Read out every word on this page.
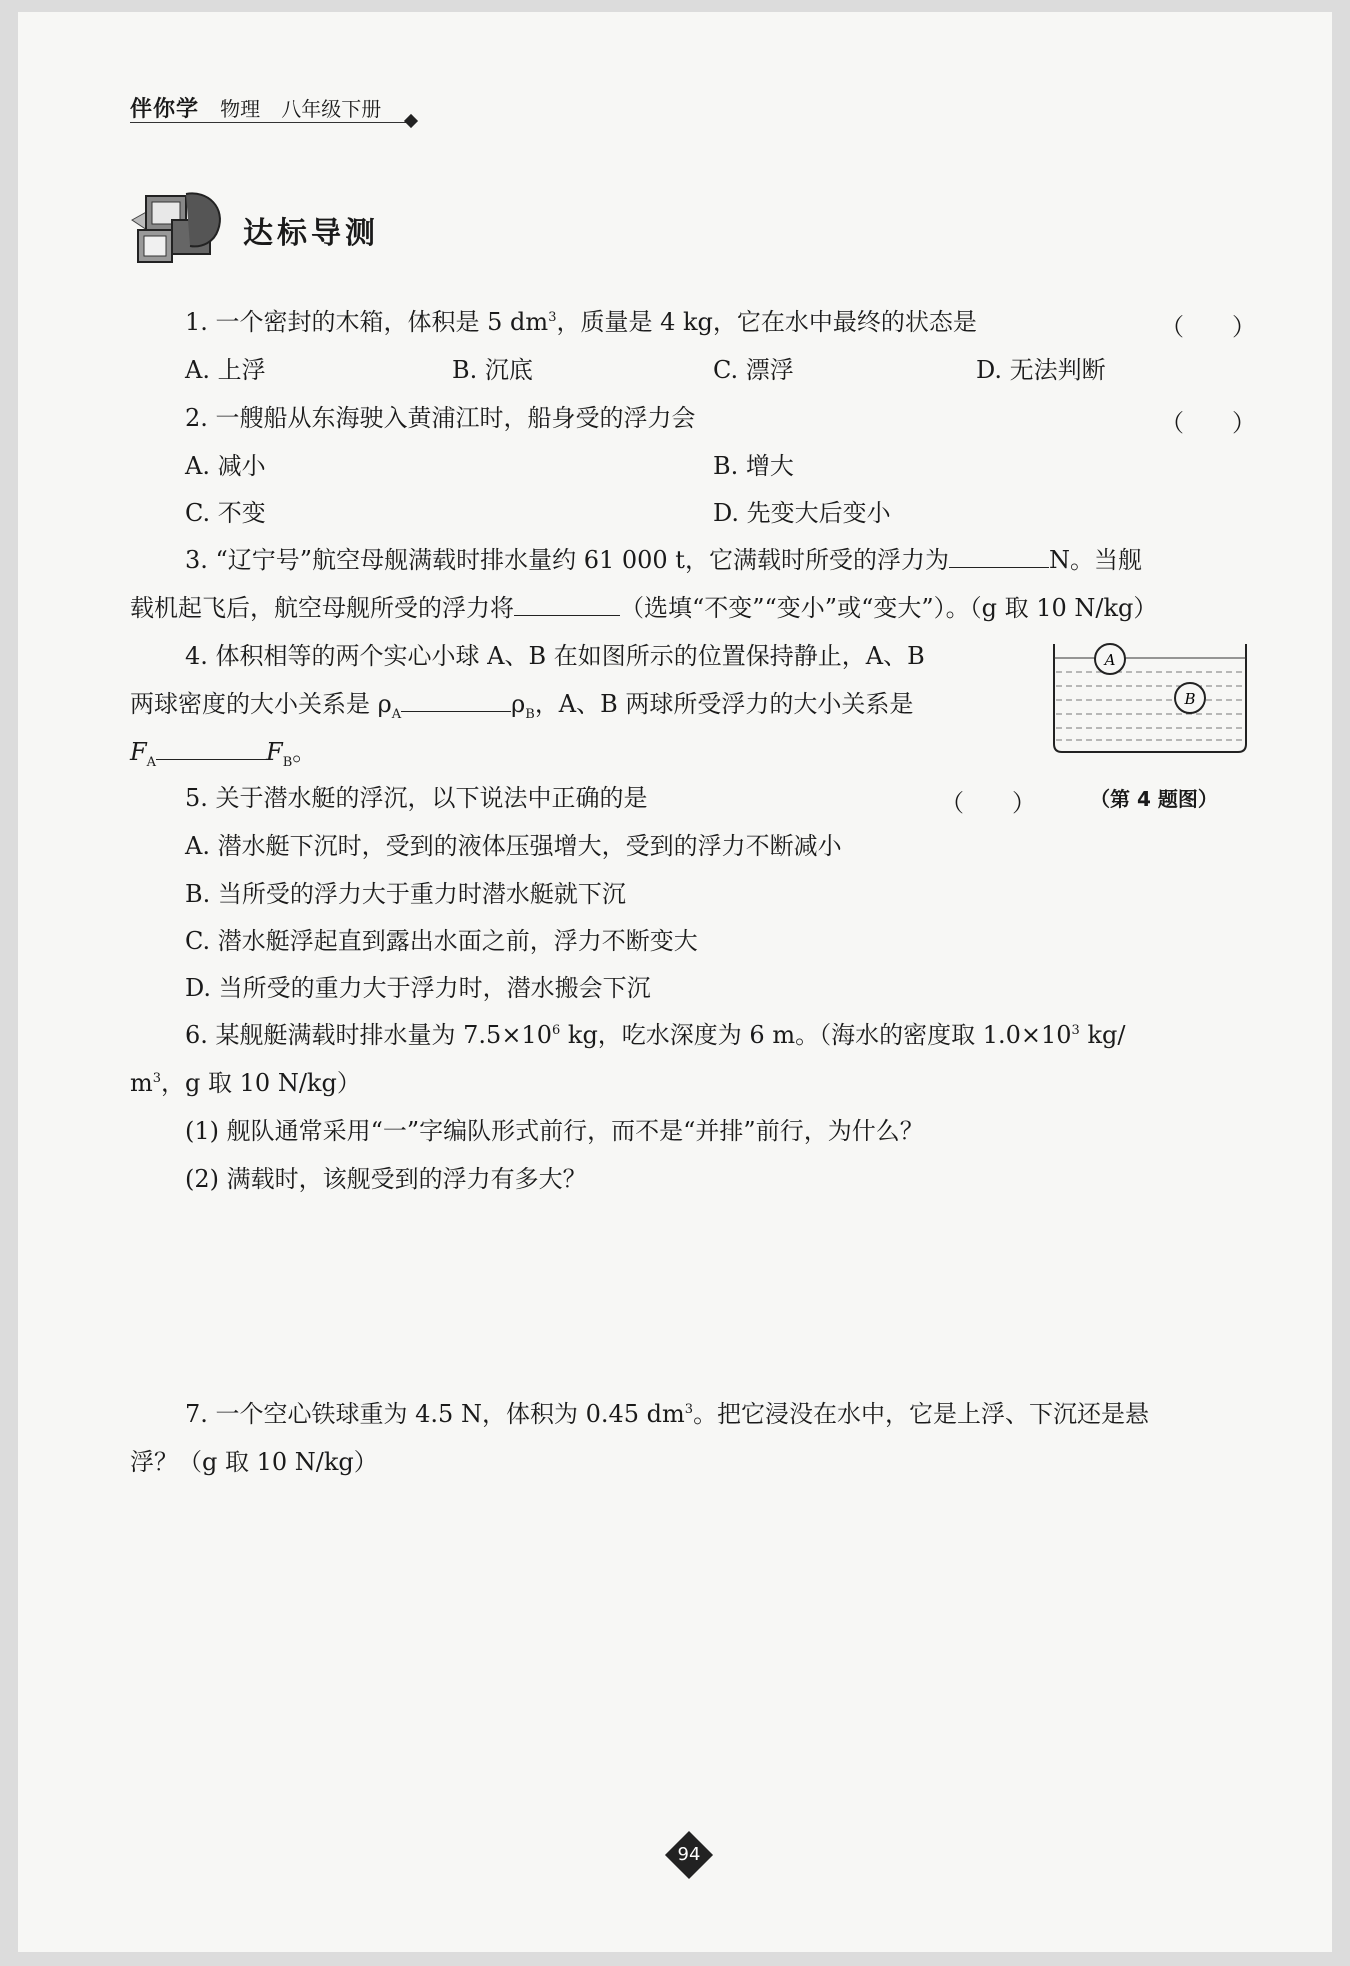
伴你学 物理 八年级下册
达标导测
1. 一个密封的木箱，体积是 5 $dm^3$，质量是 4 kg，它在水中最终的状态是	（　　）
A. 上浮	B. 沉底	C. 漂浮	D. 无法判断
2. 一艘船从东海驶入黄浦江时，船身受的浮力会	（　　）
A. 减小	B. 增大
C. 不变	D. 先变大后变小
3. “辽宁号”航空母舰满载时排水量约 61 000 t，它满载时所受的浮力为	N。当舰
载机起飞后，航空母舰所受的浮力将	（选填“不变”“变小”或“变大”）。（g 取 10 N/kg）
4. 体积相等的两个实心小球 A、B 在如图所示的位置保持静止，A、B
两球密度的大小关系是 $\rho_A$	$\rho_B$，A、B 两球所受浮力的大小关系是
$F_A$	$F_B$。
A
B
（第 4 题图）
5. 关于潜水艇的浮沉，以下说法中正确的是	（　　）
A. 潜水艇下沉时，受到的液体压强增大，受到的浮力不断减小
B. 当所受的浮力大于重力时潜水艇就下沉
C. 潜水艇浮起直到露出水面之前，浮力不断变大
D. 当所受的重力大于浮力时，潜水搬会下沉
6. 某舰艇满载时排水量为 $7.5\times 10^6$ kg，吃水深度为 6 m。（海水的密度取 $1.0\times 10^3$ kg/
$m^3$，g 取 10 N/kg）
(1) 舰队通常采用“一”字编队形式前行，而不是“并排”前行，为什么？
(2) 满载时，该舰受到的浮力有多大？
7. 一个空心铁球重为 4.5 N，体积为 0.45 $dm^3$。把它浸没在水中，它是上浮、下沉还是悬
浮？（g 取 10 N/kg）
94
